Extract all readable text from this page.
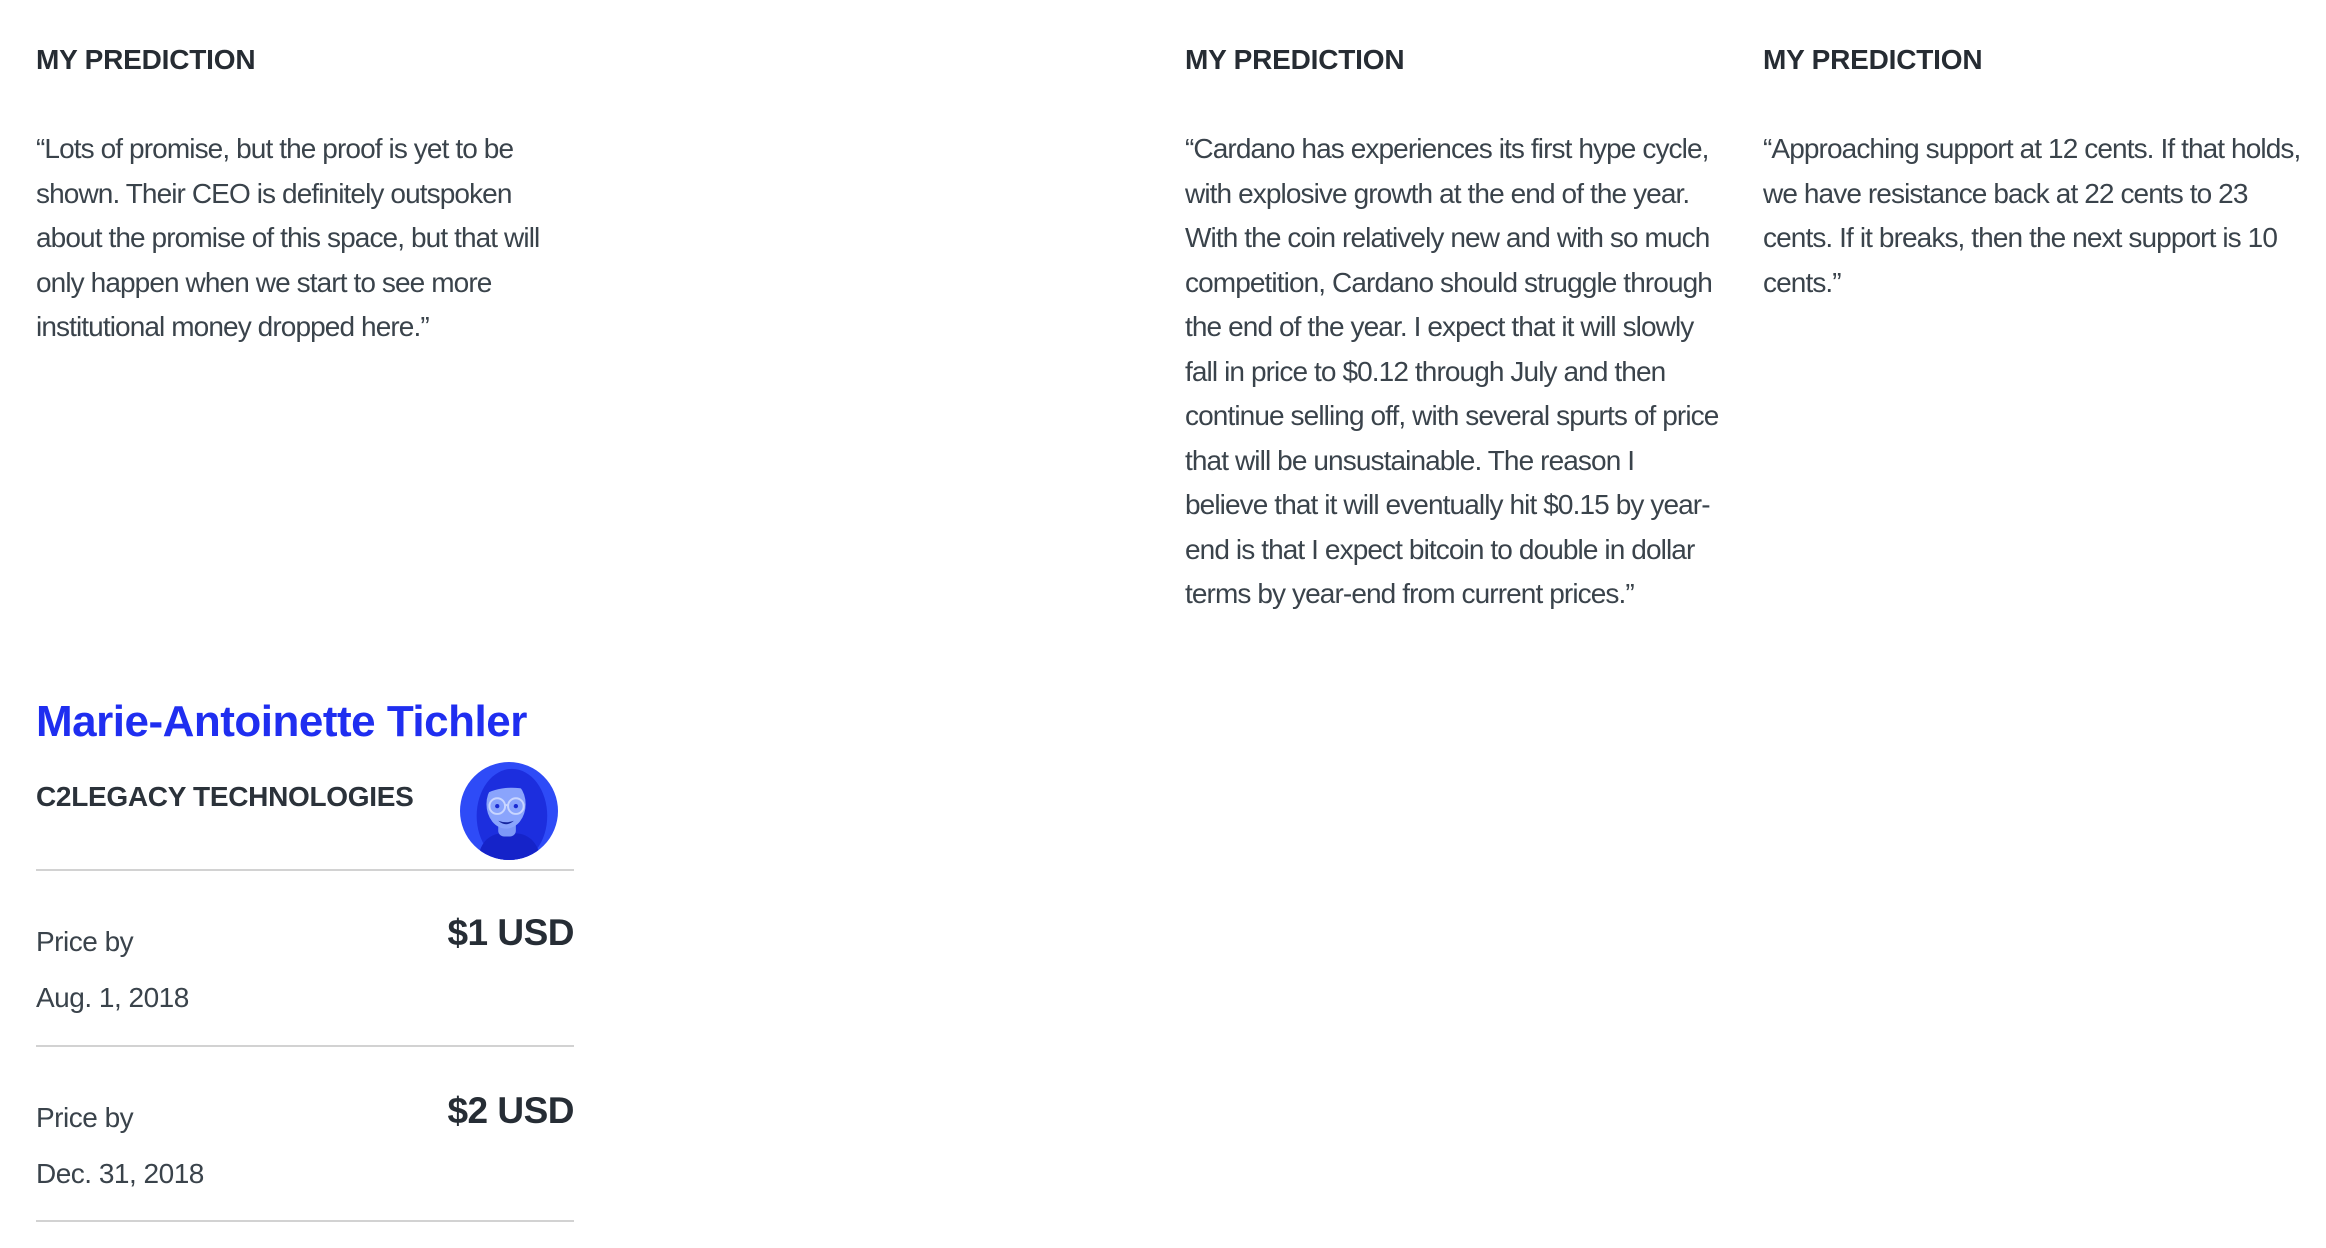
MY PREDICTION

“Lots of promise, but the proof is yet to be shown. Their CEO is definitely outspoken about the promise of this space, but that will only happen when we start to see more institutional money dropped here.”

Marie-Antoinette Tichler
C2LEGACY TECHNOLOGIES
Price by
Aug. 1, 2018
$1 USD
Price by
Dec. 31, 2018
$2 USD
MY PREDICTION

“Cardano has experiences its first hype cycle, with explosive growth at the end of the year. With the coin relatively new and with so much competition, Cardano should struggle through the end of the year. I expect that it will slowly fall in price to $0.12 through July and then continue selling off, with several spurts of price that will be unsustainable. The reason I believe that it will eventually hit $0.15 by year-end is that I expect bitcoin to double in dollar terms by year-end from current prices.”

MY PREDICTION

“Approaching support at 12 cents. If that holds, we have resistance back at 22 cents to 23 cents. If it breaks, then the next support is 10 cents.”
